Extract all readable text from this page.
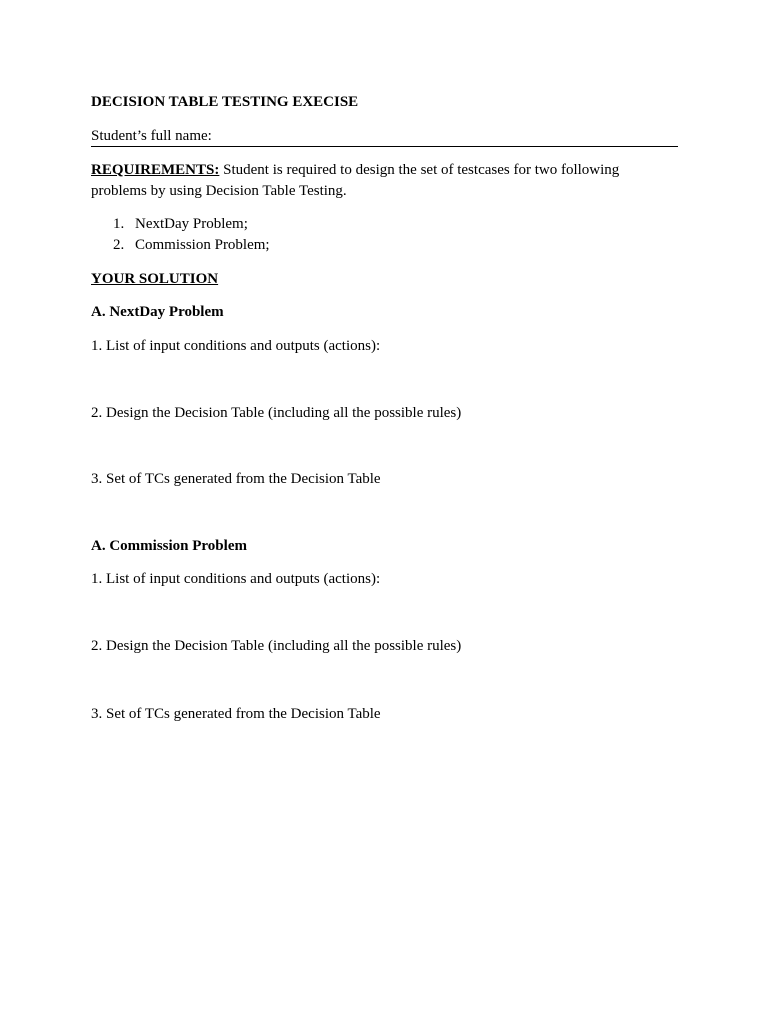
DECISION TABLE TESTING EXECISE
Student’s full name:
REQUIREMENTS: Student is required to design the set of testcases for two following problems by using Decision Table Testing.
1. NextDay Problem;
2. Commission Problem;
YOUR SOLUTION
A. NextDay Problem
1. List of input conditions and outputs (actions):
2. Design the Decision Table (including all the possible rules)
3. Set of TCs generated from the Decision Table
A. Commission Problem
1. List of input conditions and outputs (actions):
2. Design the Decision Table (including all the possible rules)
3. Set of TCs generated from the Decision Table
